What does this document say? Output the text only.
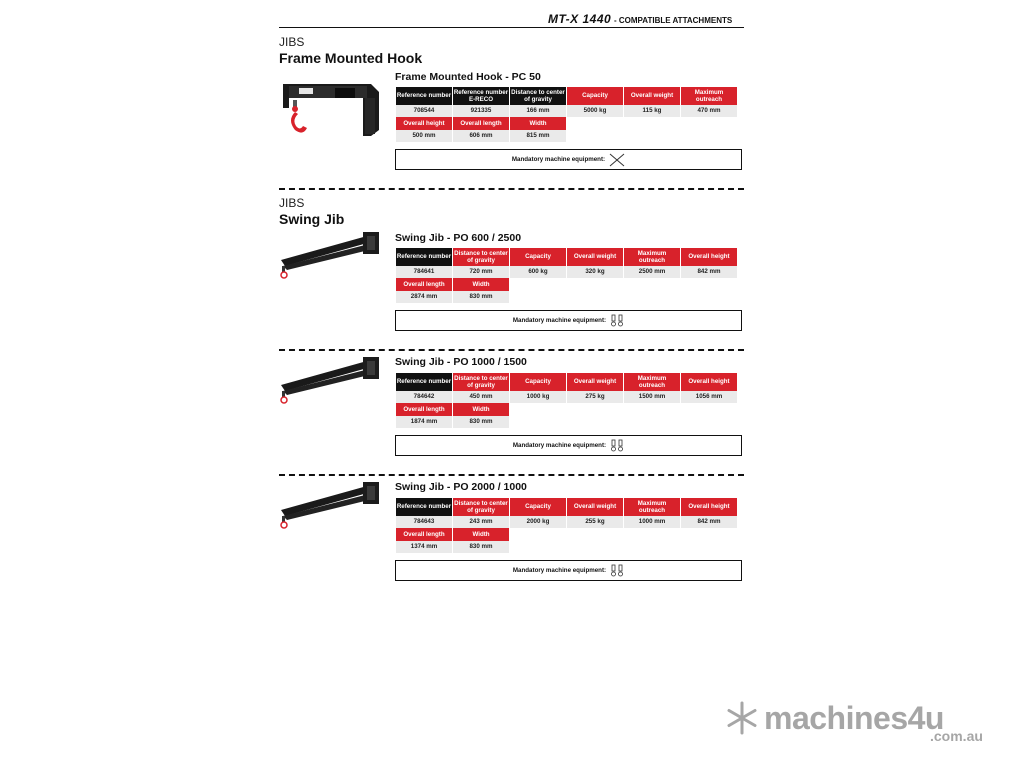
MT-X 1440 - COMPATIBLE ATTACHMENTS
JIBS
Frame Mounted Hook
Frame Mounted Hook - PC 50
Reference number	Reference number E-RECO	Distance to center of gravity	Capacity	Overall weight	Maximum outreach
708544	921335	166 mm	5000 kg	115 kg	470 mm
Overall height	Overall length	Width			
500 mm	606 mm	815 mm			
Mandatory machine equipment:
JIBS
Swing Jib
Swing Jib - PO 600 / 2500
Reference number	Distance to center of gravity	Capacity	Overall weight	Maximum outreach	Overall height
784641	720 mm	600 kg	320 kg	2500 mm	842 mm
Overall length	Width				
2874 mm	830 mm				
Mandatory machine equipment:
Swing Jib - PO 1000 / 1500
Reference number	Distance to center of gravity	Capacity	Overall weight	Maximum outreach	Overall height
784642	450 mm	1000 kg	275 kg	1500 mm	1056 mm
Overall length	Width				
1874 mm	830 mm				
Mandatory machine equipment:
Swing Jib - PO 2000 / 1000
Reference number	Distance to center of gravity	Capacity	Overall weight	Maximum outreach	Overall height
784643	243 mm	2000 kg	255 kg	1000 mm	842 mm
Overall length	Width				
1374 mm	830 mm				
Mandatory machine equipment:
machines4u
.com.au
